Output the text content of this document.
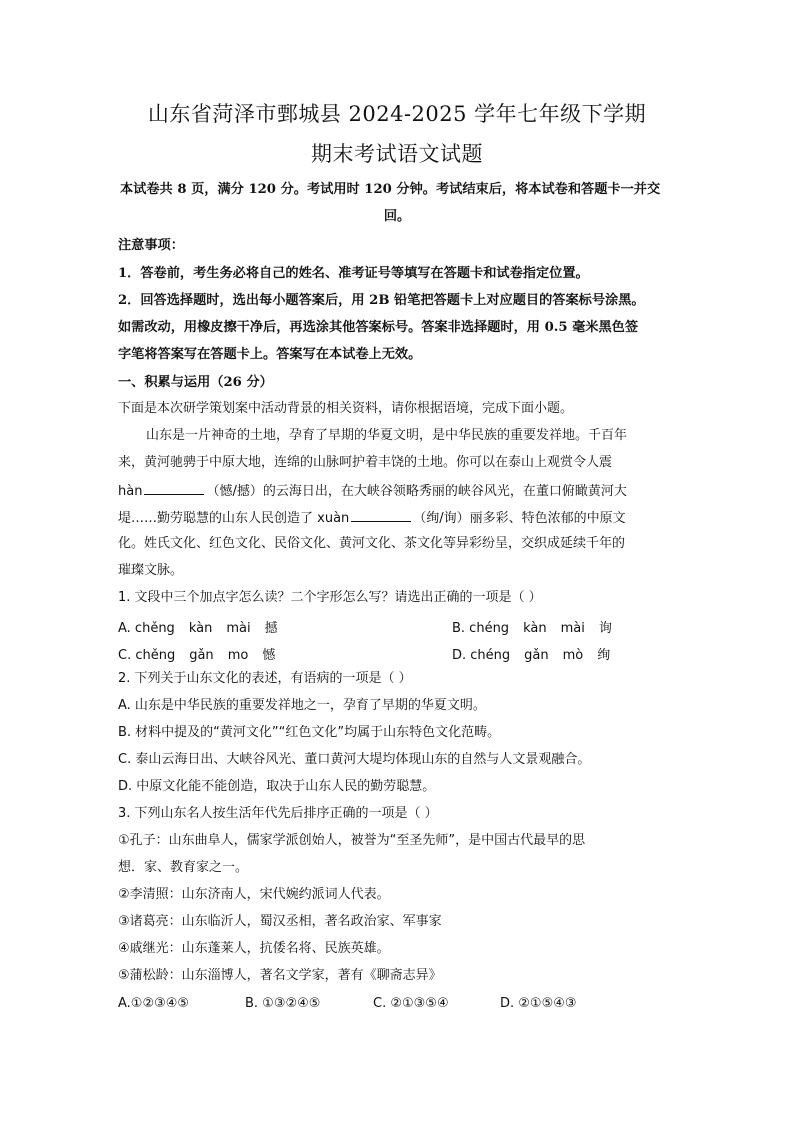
山东省菏泽市鄄城县 2024-2025 学年七年级下学期
期末考试语文试题
本试卷共 8 页，满分 120 分。考试用时 120 分钟。考试结束后，将本试卷和答题卡一并交
回。
注意事项：
1．答卷前，考生务必将自己的姓名、准考证号等填写在答题卡和试卷指定位置。
2．回答选择题时，选出每小题答案后，用 2B 铅笔把答题卡上对应题目的答案标号涂黑。
如需改动，用橡皮擦干净后，再选涂其他答案标号。答案非选择题时，用 0.5 毫米黑色签
字笔将答案写在答题卡上。答案写在本试卷上无效。
一、积累与运用（26 分）
下面是本次研学策划案中活动背景的相关资料，请你根据语境，完成下面小题。
山东是一片神奇的土地，孕育了早期的华夏文明，是中华民族的重要发祥地。千百年
来，黄河驰骋于中原大地，连绵的山脉呵护着丰饶的土地。你可以在泰山上观赏令人震
hàn	（憾/撼）的云海日出，在大峡谷领略秀丽的峡谷风光，在董口俯瞰黄河大
堤……勤劳聪慧的山东人民创造了 xuàn	（绚/询）丽多彩、特色浓郁的中原文
化。姓氏文化、红色文化、民俗文化、黄河文化、茶文化等异彩纷呈，交织成延续千年的
璀璨文脉。
1. 文段中三个加点字怎么读？二个字形怎么写？请选出正确的一项是（ ）
A. chěng kàn mài 撼	B. chéng kàn mài 询
C. chěng gǎn mo 憾	D. chéng gǎn mò 绚
2. 下列关于山东文化的表述，有语病的一项是（ ）
A. 山东是中华民族的重要发祥地之一，孕育了早期的华夏文明。
B. 材料中提及的“黄河文化”“红色文化”均属于山东特色文化范畴。
C. 泰山云海日出、大峡谷风光、董口黄河大堤均体现山东的自然与人文景观融合。
D. 中原文化能不能创造，取决于山东人民的勤劳聪慧。
3. 下列山东名人按生活年代先后排序正确的一项是（ ）
①孔子：山东曲阜人，儒家学派创始人，被誉为“至圣先师”，是中国古代最早的思
想．家、教育家之一。
②李清照：山东济南人，宋代婉约派词人代表。
③诸葛亮：山东临沂人，蜀汉丞相，著名政治家、军事家
④戚继光：山东蓬莱人，抗倭名将、民族英雄。
⑤蒲松龄：山东淄博人，著名文学家，著有《聊斋志异》
A.①②③④⑤	B. ①③②④⑤	C. ②①③⑤④	D. ②①⑤④③
